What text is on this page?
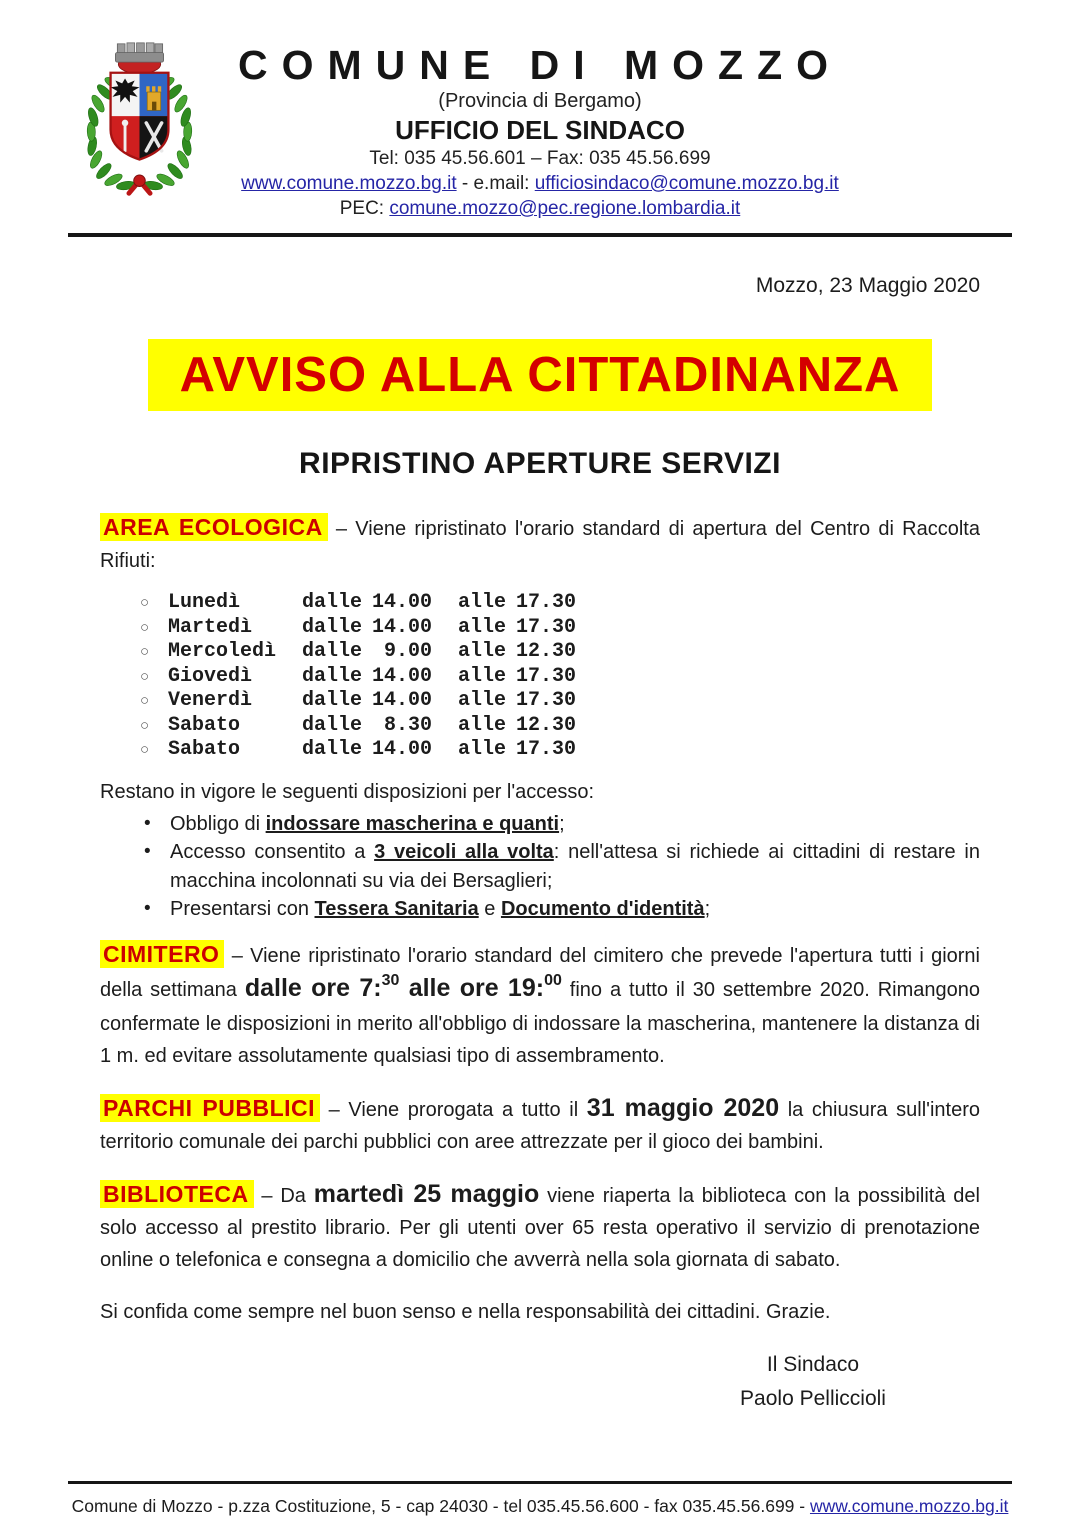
COMUNE DI MOZZO
(Provincia di Bergamo)
UFFICIO DEL SINDACO
Tel: 035 45.56.601 – Fax: 035 45.56.699
www.comune.mozzo.bg.it - e.mail: ufficiosindaco@comune.mozzo.bg.it
PEC: comune.mozzo@pec.regione.lombardia.it
Mozzo, 23 Maggio 2020
AVVISO ALLA CITTADINANZA
RIPRISTINO APERTURE SERVIZI

AREA ECOLOGICA – Viene ripristinato l'orario standard di apertura del Centro di Raccolta Rifiuti:

○ Lunedì	dalle 14.00 alle 17.30
○ Martedì	dalle 14.00 alle 17.30
○ Mercoledì	dalle	9.00 alle 12.30
○ Giovedì	dalle 14.00 alle 17.30
○ Venerdì	dalle 14.00 alle 17.30
○ Sabato	dalle	8.30 alle 12.30
○ Sabato	dalle 14.00 alle 17.30

Restano in vigore le seguenti disposizioni per l'accesso:

• Obbligo di indossare mascherina e quanti;
• Accesso consentito a 3 veicoli alla volta: nell'attesa si richiede ai cittadini di restare in macchina incolonnati su via dei Bersaglieri;
• Presentarsi con Tessera Sanitaria e Documento d'identità;

CIMITERO – Viene ripristinato l'orario standard del cimitero che prevede l'apertura tutti i giorni della settimana dalle ore 7:$^{30}$ alle ore 19:$^{00}$ fino a tutto il 30 settembre 2020. Rimangono confermate le disposizioni in merito all'obbligo di indossare la mascherina, mantenere la distanza di 1 m. ed evitare assolutamente qualsiasi tipo di assembramento.

PARCHI PUBBLICI – Viene prorogata a tutto il 31 maggio 2020 la chiusura sull'intero territorio comunale dei parchi pubblici con aree attrezzate per il gioco dei bambini.

BIBLIOTECA – Da martedì 25 maggio viene riaperta la biblioteca con la possibilità del solo accesso al prestito librario. Per gli utenti over 65 resta operativo il servizio di prenotazione online o telefonica e consegna a domicilio che avverrà nella sola giornata di sabato.

Si confida come sempre nel buon senso e nella responsabilità dei cittadini. Grazie.

Il Sindaco
Paolo Pelliccioli
Comune di Mozzo - p.zza Costituzione, 5 - cap 24030 - tel 035.45.56.600 - fax 035.45.56.699 - www.comune.mozzo.bg.it
